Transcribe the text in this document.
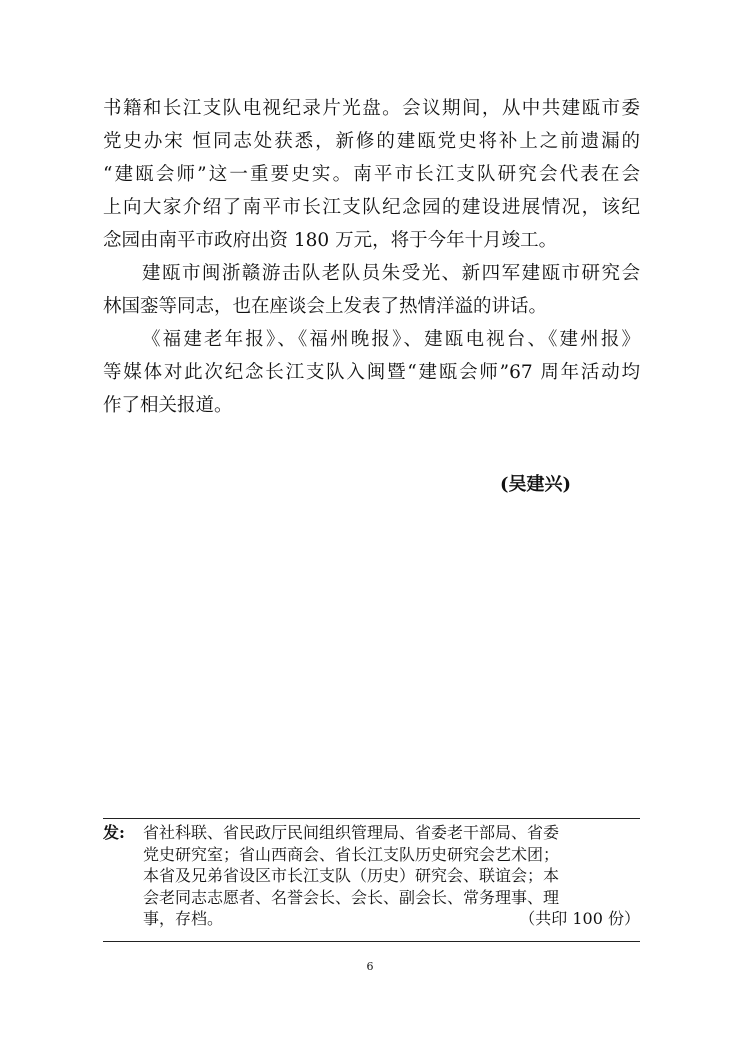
书籍和长江支队电视纪录片光盘。会议期间，从中共建瓯市委
党史办宋 恒同志处获悉，新修的建瓯党史将补上之前遗漏的
“建瓯会师”这一重要史实。南平市长江支队研究会代表在会
上向大家介绍了南平市长江支队纪念园的建设进展情况，该纪
念园由南平市政府出资 180 万元，将于今年十月竣工。
建瓯市闽浙赣游击队老队员朱受光、新四军建瓯市研究会
林国銮等同志，也在座谈会上发表了热情洋溢的讲话。
《福建老年报》、《福州晚报》、建瓯电视台、《建州报》
等媒体对此次纪念长江支队入闽暨“建瓯会师”67 周年活动均
作了相关报道。
(吴建兴)
发: 省社科联、省民政厅民间组织管理局、省委老干部局、省委
党史研究室；省山西商会、省长江支队历史研究会艺术团；
本省及兄弟省设区市长江支队（历史）研究会、联谊会；本
会老同志志愿者、名誉会长、会长、副会长、常务理事、理
事，存档。	（共印 100 份）
6
